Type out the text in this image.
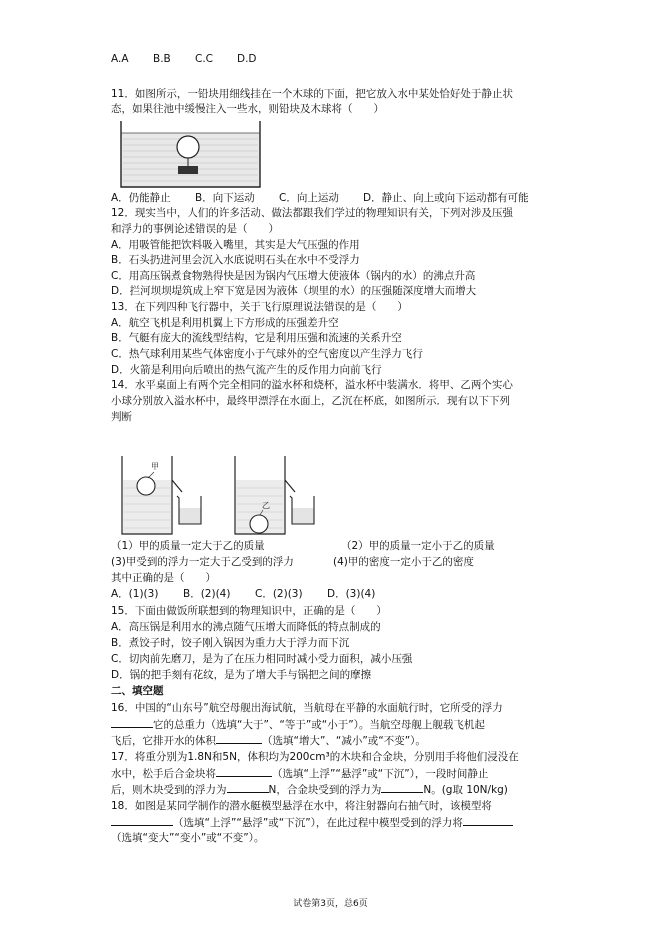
A.A B.B C.C D.D
11．如图所示，一铅块用细线挂在一个木球的下面，把它放入水中某处恰好处于静止状
态，如果往池中缓慢注入一些水，则铅块及木球将（　　）
A．仍能静止 B．向下运动 C．向上运动 D．静止、向上或向下运动都有可能
12．现实当中，人们的许多活动、做法都跟我们学过的物理知识有关，下列对涉及压强
和浮力的事例论述错误的是（　　）
A．用吸管能把饮料吸入嘴里，其实是大气压强的作用
B．石头扔进河里会沉入水底说明石头在水中不受浮力
C．用高压锅煮食物熟得快是因为锅内气压增大使液体（锅内的水）的沸点升高
D．拦河坝坝堤筑成上窄下宽是因为液体（坝里的水）的压强随深度增大而增大
13．在下列四种飞行器中，关于飞行原理说法错误的是（　　）
A．航空飞机是利用机翼上下方形成的压强差升空
B．气艇有庞大的流线型结构，它是利用压强和流速的关系升空
C．热气球利用某些气体密度小于气球外的空气密度以产生浮力飞行
D．火箭是利用向后喷出的热气流产生的反作用力向前飞行
14．水平桌面上有两个完全相同的溢水杯和烧杯，溢水杯中装满水．将甲、乙两个实心
小球分别放入溢水杯中，最终甲漂浮在水面上，乙沉在杯底，如图所示．现有以下下列
判断
甲
乙
（1）甲的质量一定大于乙的质量	（2）甲的质量一定小于乙的质量
(3)甲受到的浮力一定大于乙受到的浮力	(4)甲的密度一定小于乙的密度
其中正确的是（　　）
A．(1)(3) B．(2)(4) C．(2)(3) D．(3)(4)
15．下面由做饭所联想到的物理知识中，正确的是（　　）
A．高压锅是利用水的沸点随气压增大而降低的特点制成的
B．煮饺子时，饺子刚入锅因为重力大于浮力而下沉
C．切肉前先磨刀，是为了在压力相同时减小受力面积，减小压强
D．锅的把手刻有花纹，是为了增大手与锅把之间的摩擦
二、填空题
16．中国的“山东号”航空母舰出海试航，当航母在平静的水面航行时，它所受的浮力
它的总重力（选填“大于”、“等于”或“小于”）。当航空母舰上舰载飞机起
飞后，它排开水的体积	（选填“增大”、“减小”或“不变”）。
17．将重分别为1.8N和5N，体积均为200cm³的木块和合金块，分别用手将他们浸没在
水中，松手后合金块将	（选填“上浮”“悬浮”或“下沉”），一段时间静止
后，则木块受到的浮力为	N，合金块受到的浮力为	N。(g取 10N/kg)
18．如图是某同学制作的潜水艇模型悬浮在水中，将注射器向右抽气时，该模型将
（选填“上浮”“悬浮”或“下沉”），在此过程中模型受到的浮力将
（选填“变大”“变小”或“不变”）。
试卷第3页，总6页
